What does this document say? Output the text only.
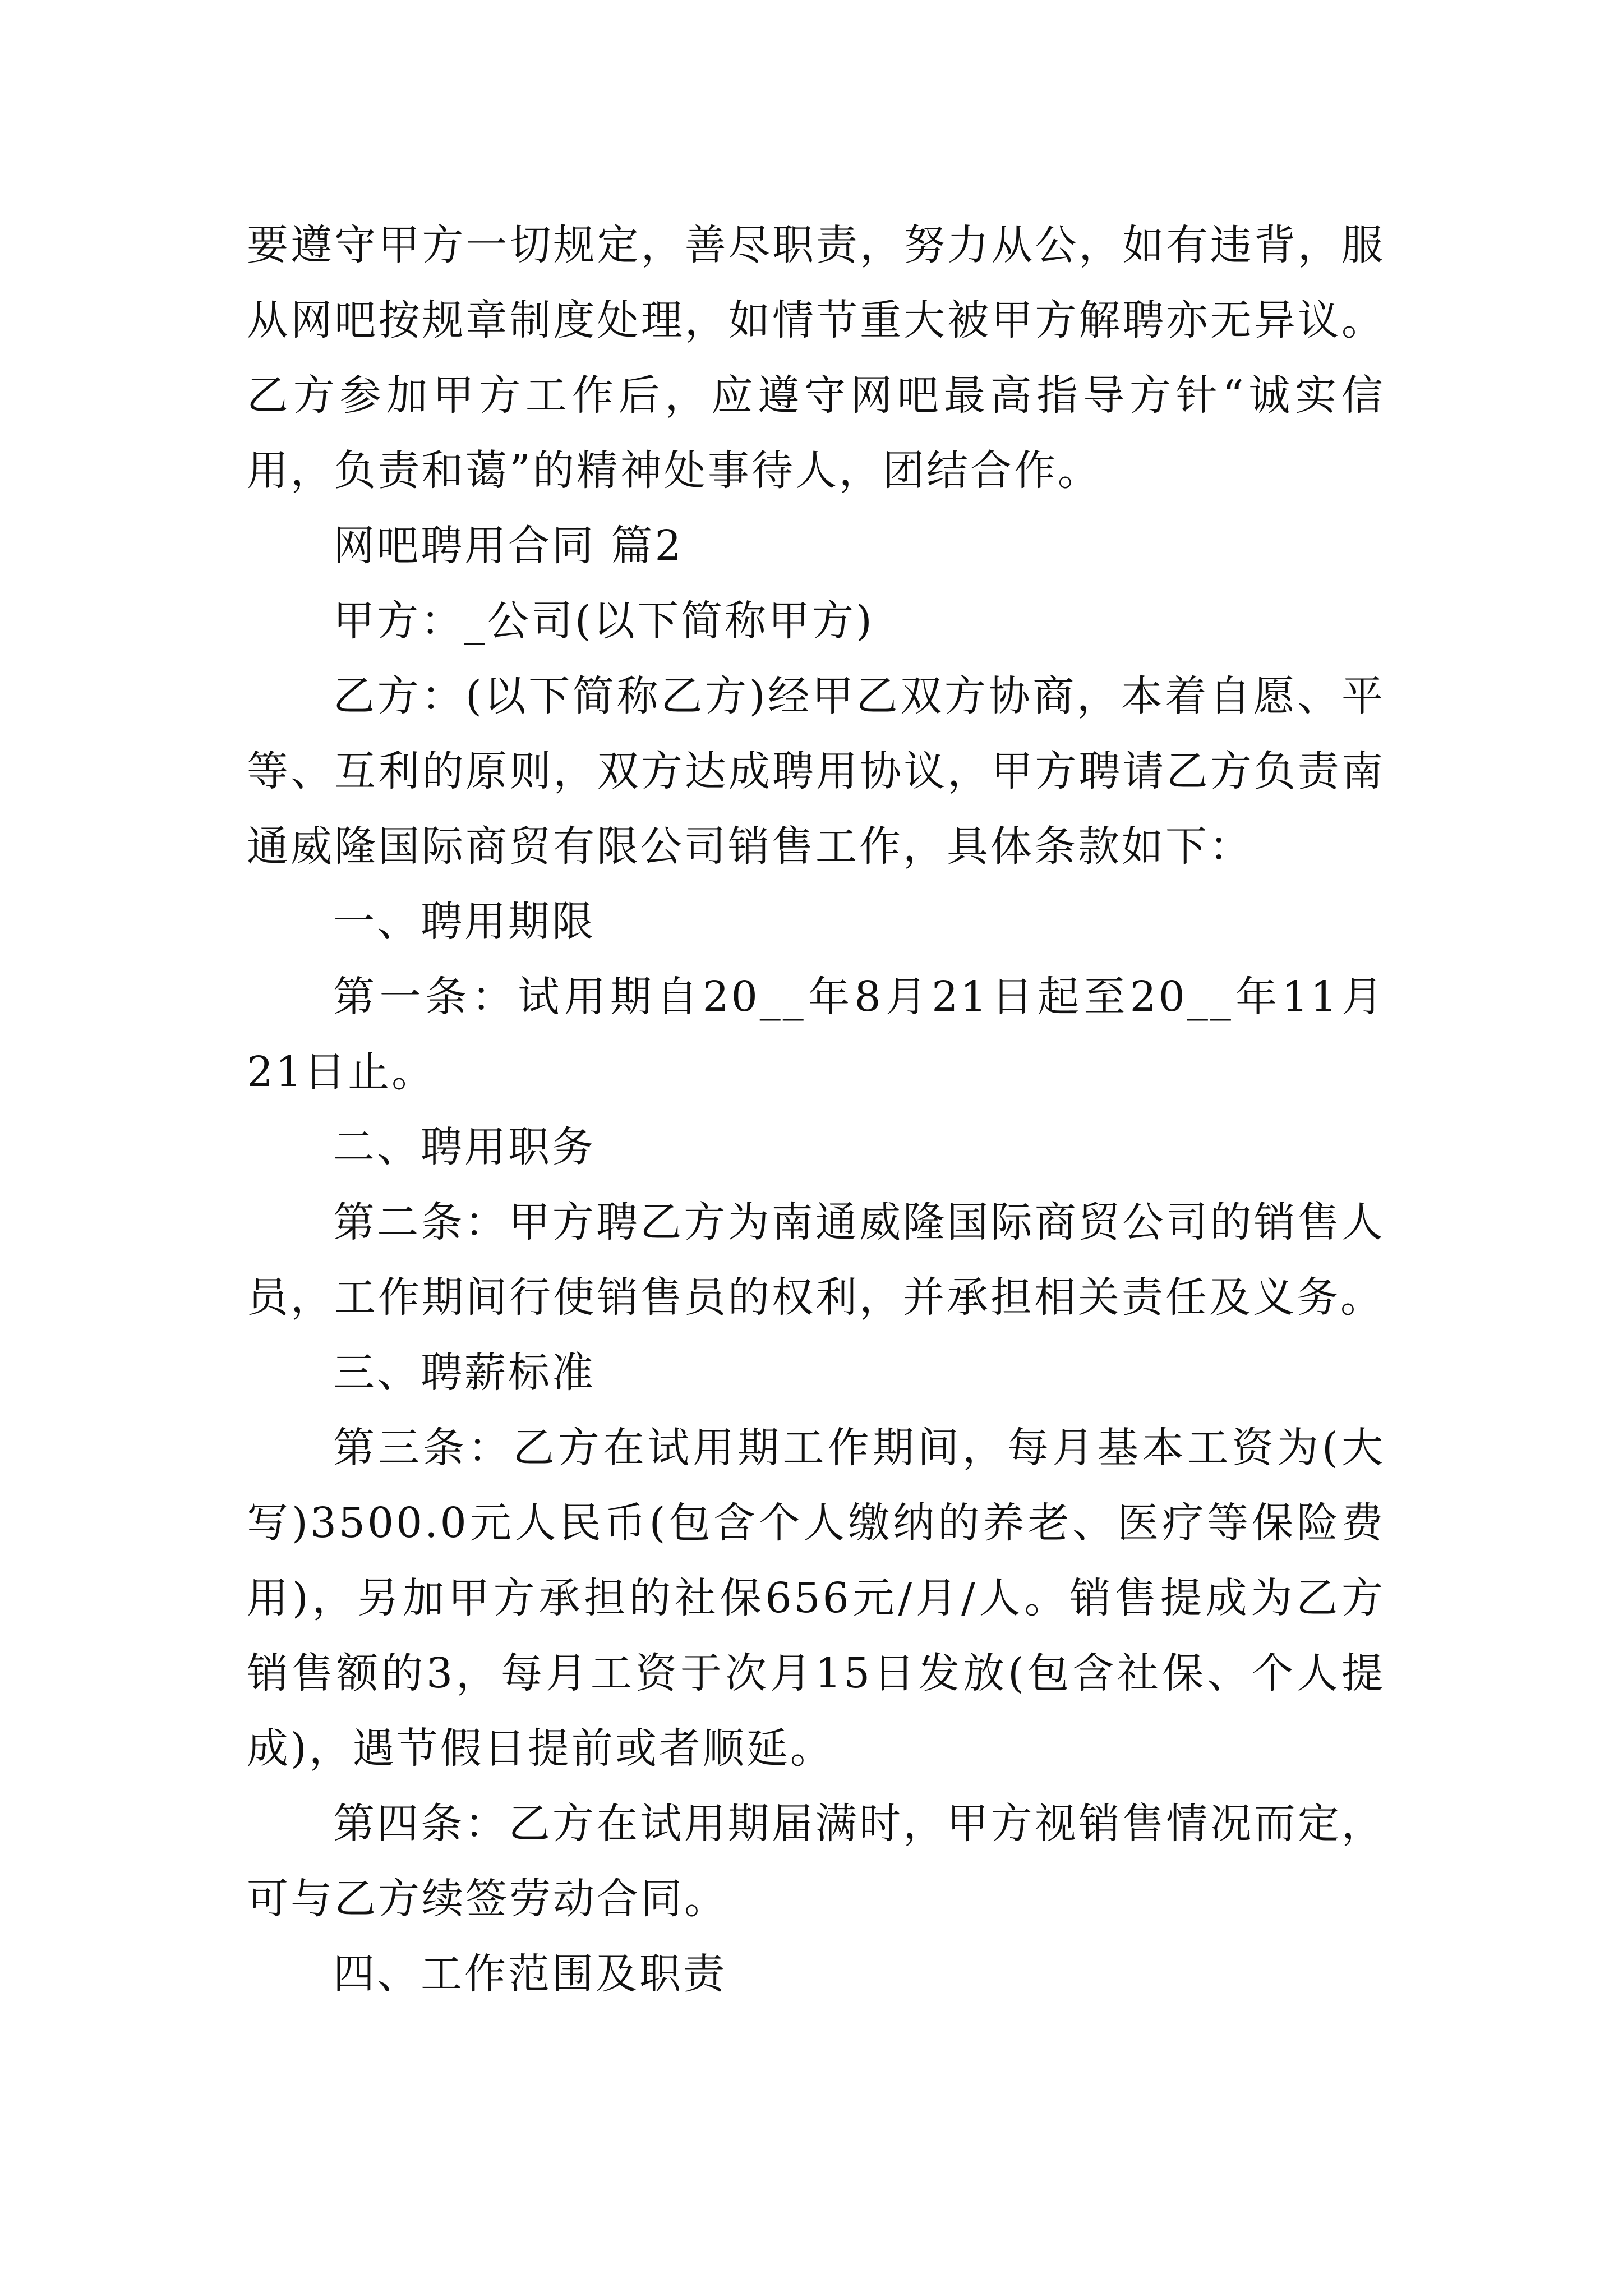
要遵守甲方一切规定，善尽职责，努力从公，如有违背，服从网吧按规章制度处理，如情节重大被甲方解聘亦无异议。乙方参加甲方工作后，应遵守网吧最高指导方针“诚实信用，负责和蔼”的精神处事待人，团结合作。

网吧聘用合同 篇2

甲方：_公司(以下简称甲方)

乙方：(以下简称乙方)经甲乙双方协商，本着自愿、平等、互利的原则，双方达成聘用协议，甲方聘请乙方负责南通威隆国际商贸有限公司销售工作，具体条款如下：

一、聘用期限

第一条：试用期自20__年8月21日起至20__年11月21日止。

二、聘用职务

第二条：甲方聘乙方为南通威隆国际商贸公司的销售人员，工作期间行使销售员的权利，并承担相关责任及义务。

三、聘薪标准

第三条：乙方在试用期工作期间，每月基本工资为(大写)3500.0元人民币(包含个人缴纳的养老、医疗等保险费用)，另加甲方承担的社保656元/月/人。销售提成为乙方销售额的3，每月工资于次月15日发放(包含社保、个人提成)，遇节假日提前或者顺延。

第四条：乙方在试用期届满时，甲方视销售情况而定，可与乙方续签劳动合同。

四、工作范围及职责
